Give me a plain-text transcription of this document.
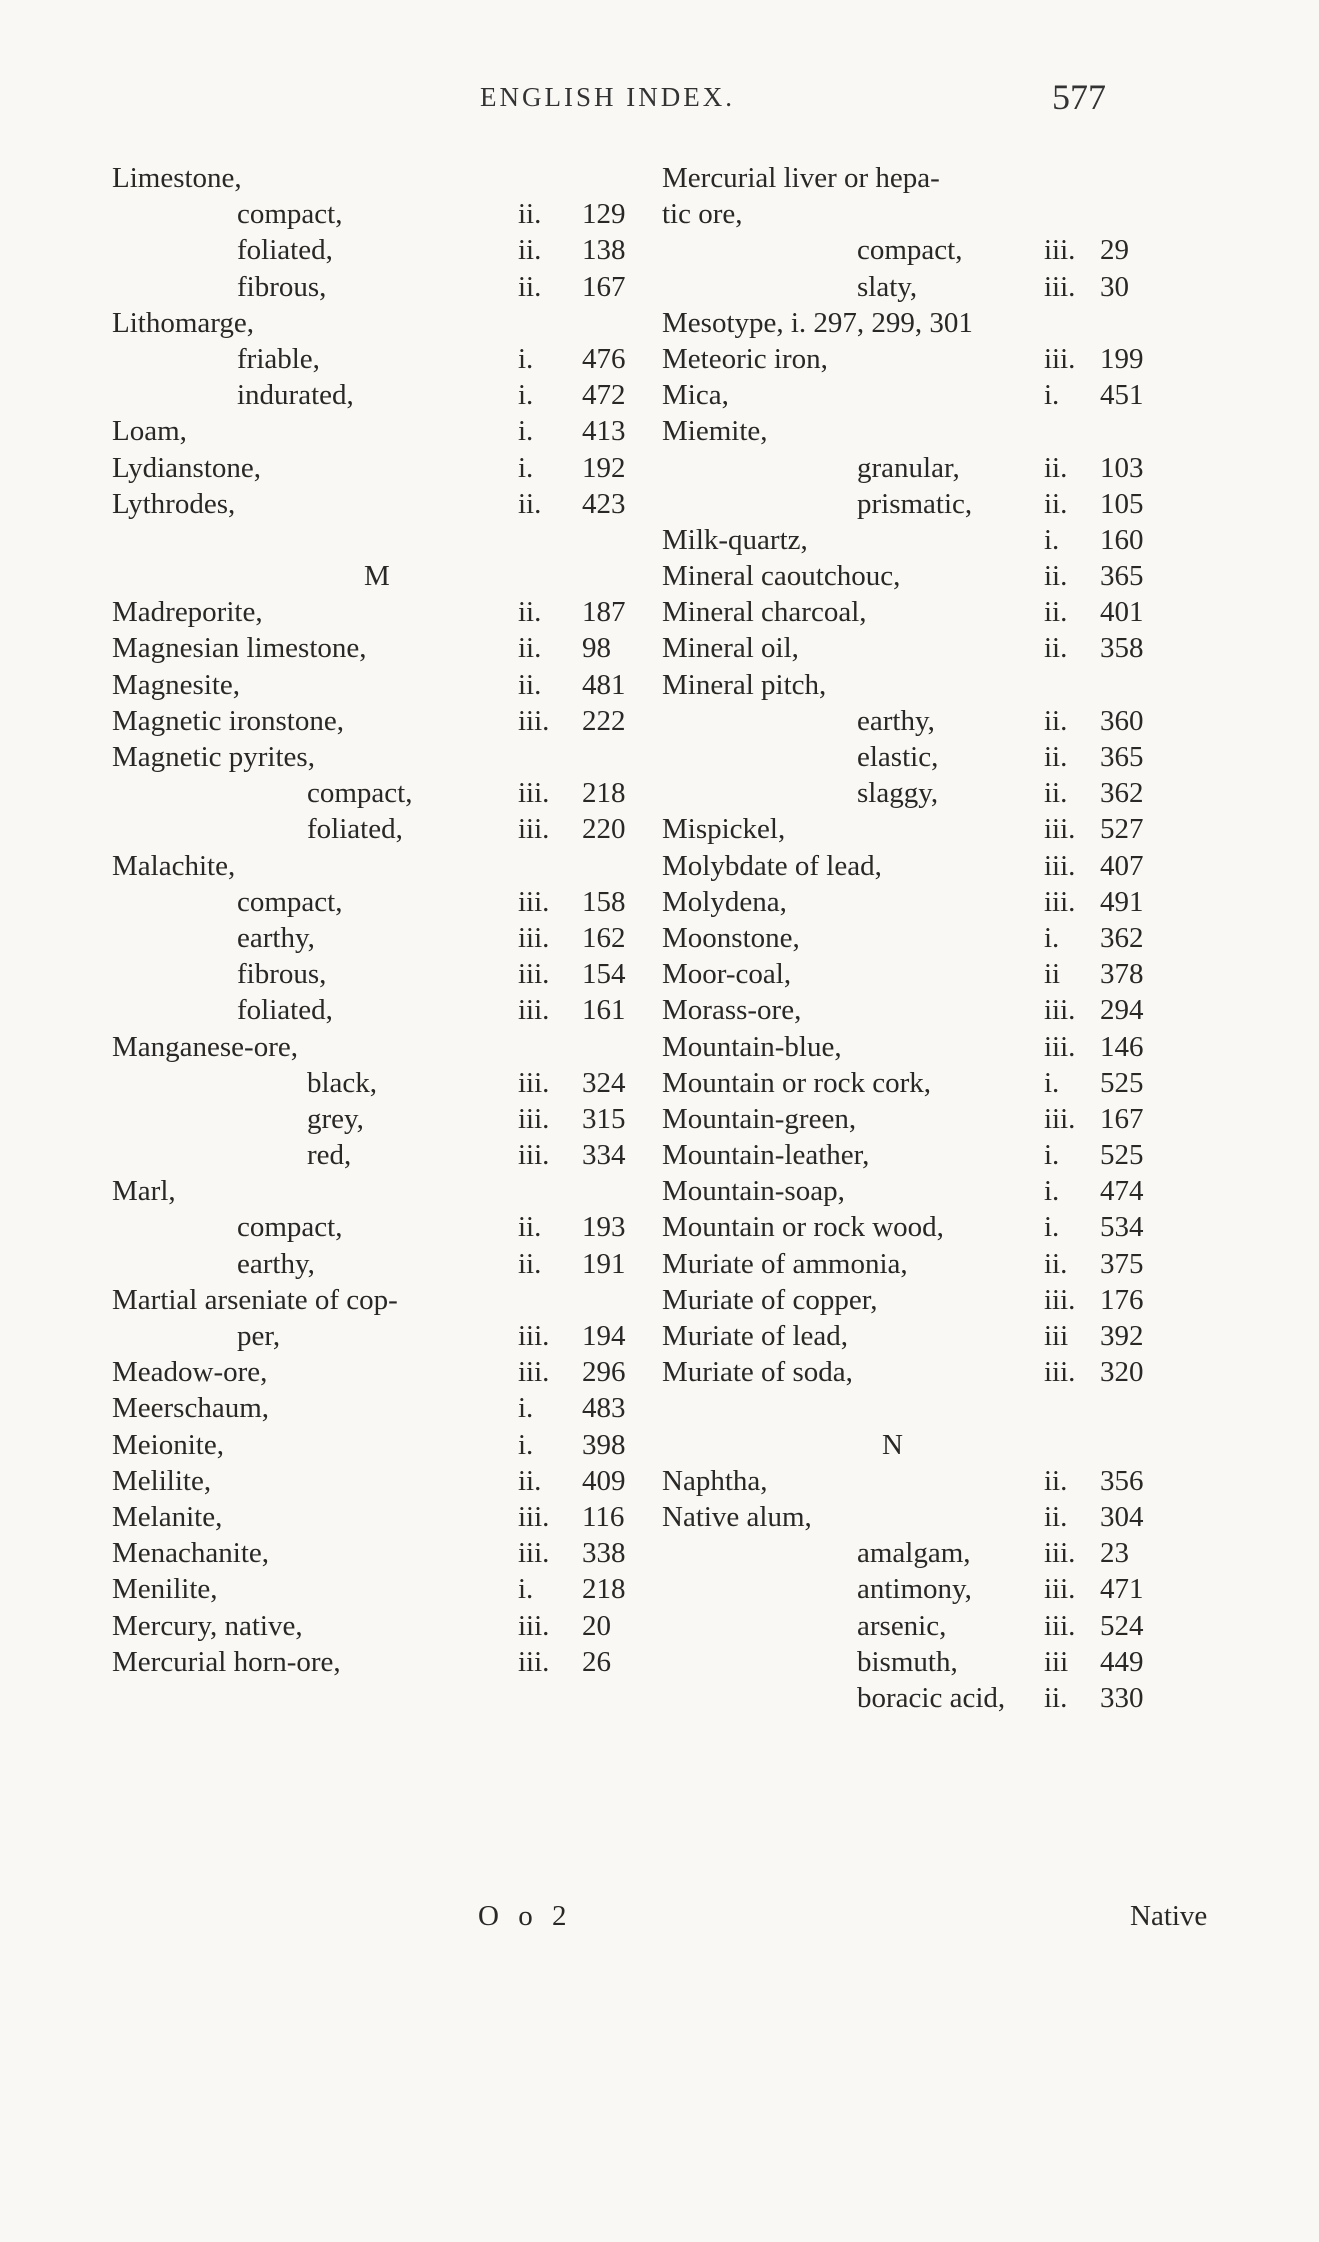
ENGLISH INDEX.	577
Limestone,
compact,	ii. 129
foliated,	ii. 138
fibrous,	ii. 167
Lithomarge,
friable,	i. 476
indurated,	i. 472
Loam,	i. 413
Lydianstone,	i. 192
Lythrodes,	ii. 423
M
Madreporite,	ii. 187
Magnesian limestone,	ii. 98
Magnesite,	ii. 481
Magnetic ironstone,	iii. 222
Magnetic pyrites,
compact,	iii. 218
foliated,	iii. 220
Malachite,
compact,	iii. 158
earthy,	iii. 162
fibrous,	iii. 154
foliated,	iii. 161
Manganese-ore,
black,	iii. 324
grey,	iii. 315
red,	iii. 334
Marl,
compact,	ii. 193
earthy,	ii. 191
Martial arseniate of cop-
per,	iii. 194
Meadow-ore,	iii. 296
Meerschaum,	i. 483
Meionite,	i. 398
Melilite,	ii. 409
Melanite,	iii. 116
Menachanite,	iii. 338
Menilite,	i. 218
Mercury, native,	iii. 20
Mercurial horn-ore,	iii. 26
Mercurial liver or hepa-
tic ore,
compact,	iii. 29
slaty,	iii. 30
Mesotype, i. 297, 299, 301
Meteoric iron,	iii. 199
Mica,	i. 451
Miemite,
granular,	ii. 103
prismatic, ii. 105
Milk-quartz,	i. 160
Mineral caoutchouc,	ii. 365
Mineral charcoal,	ii. 401
Mineral oil,	ii. 358
Mineral pitch,
earthy,	ii. 360
elastic,	ii. 365
slaggy,	ii. 362
Mispickel,	iii. 527
Molybdate of lead,	iii. 407
Molydena,	iii. 491
Moonstone,	i. 362
Moor-coal,	ii 378
Morass-ore,	iii. 294
Mountain-blue,	iii. 146
Mountain or rock cork,	i. 525
Mountain-green,	iii. 167
Mountain-leather,	i. 525
Mountain-soap,	i. 474
Mountain or rock wood,	i. 534
Muriate of ammonia,	ii. 375
Muriate of copper,	iii. 176
Muriate of lead,	iii 392
Muriate of soda,	iii. 320
N
Naphtha,	ii. 356
Native alum,	ii. 304
amalgam,	iii. 23
antimony, iii. 471
arsenic,	iii. 524
bismuth,	iii 449
boracic acid, ii. 330
O o 2	Native
